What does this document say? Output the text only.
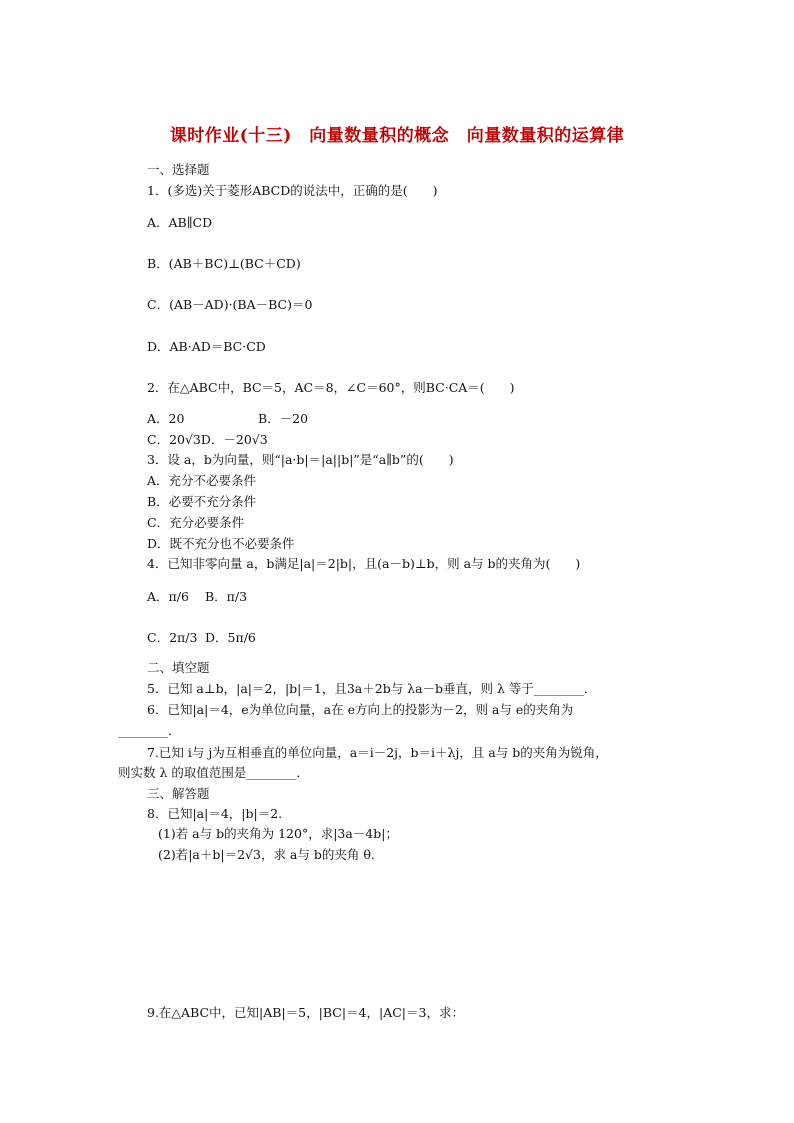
课时作业(十三)　向量数量积的概念　向量数量积的运算律
一、选择题
1．(多选)关于菱形ABCD的说法中，正确的是(　　)
A．AB∥CD
B．(AB＋BC)⊥(BC＋CD)
C．(AB－AD)·(BA－BC)＝0
D．AB·AD＝BC·CD
2．在△ABC中，BC＝5，AC＝8，∠C＝60°，则BC·CA＝(　　)
A．20	B．－20
C．20√3D．－20√3
3．设 a，b为向量，则“|a·b|＝|a||b|”是“a∥b”的(　　)
A．充分不必要条件
B．必要不充分条件
C．充分必要条件
D．既不充分也不必要条件
4．已知非零向量 a，b满足|a|＝2|b|，且(a－b)⊥b，则 a与 b的夹角为(　　)
A．π/6 B．π/3
C．2π/3 D．5π/6
二、填空题
5．已知 a⊥b，|a|＝2，|b|＝1，且3a＋2b与 λa－b垂直，则 λ 等于________．
6．已知|a|＝4，e为单位向量，a在 e方向上的投影为－2，则 a与 e的夹角为
________．
7.已知 i与 j为互相垂直的单位向量，a＝i－2j，b＝i＋λj，且 a与 b的夹角为锐角，
则实数 λ 的取值范围是________．
三、解答题
8．已知|a|＝4，|b|＝2.
(1)若 a与 b的夹角为 120°，求|3a－4b|；
(2)若|a＋b|＝2√3，求 a与 b的夹角 θ.
9.在△ABC中，已知|AB|＝5，|BC|＝4，|AC|＝3，求：
